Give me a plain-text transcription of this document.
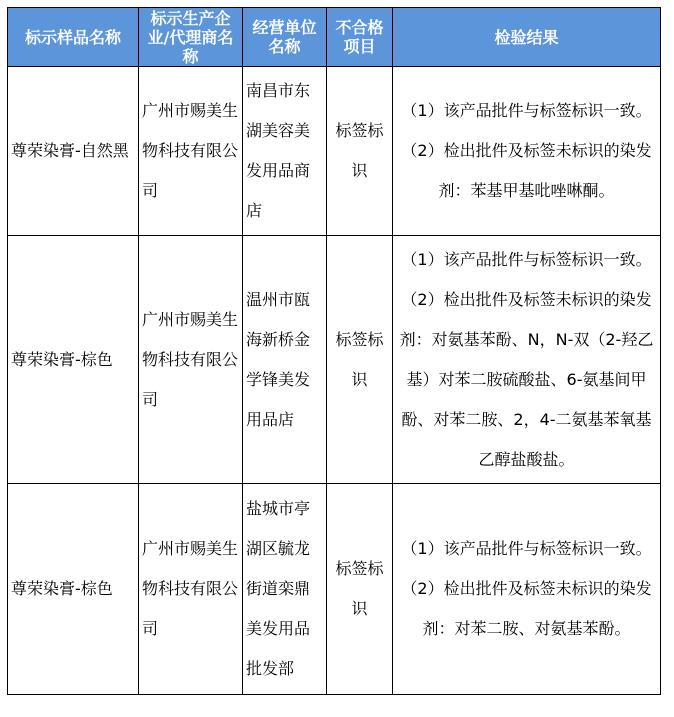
标示样品名称	标示生产企业/代理商名称	经营单位名称	不合格项目	检验结果
尊荣染膏-自然黑	广州市赐美生物科技有限公司	南昌市东湖美容美发用品商店	标签标识	（1）该产品批件与标签标识一致。（2）检出批件及标签未标识的染发剂：苯基甲基吡唑啉酮。
尊荣染膏-棕色	广州市赐美生物科技有限公司	温州市瓯海新桥金学锋美发用品店	标签标识	（1）该产品批件与标签标识一致。（2）检出批件及标签未标识的染发剂：对氨基苯酚、N，N-双（2-羟乙基）对苯二胺硫酸盐、6-氨基间甲酚、对苯二胺、2，4-二氨基苯氧基乙醇盐酸盐。
尊荣染膏-棕色	广州市赐美生物科技有限公司	盐城市亭湖区毓龙街道栾鼎美发用品批发部	标签标识	（1）该产品批件与标签标识一致。（2）检出批件及标签未标识的染发剂：对苯二胺、对氨基苯酚。
